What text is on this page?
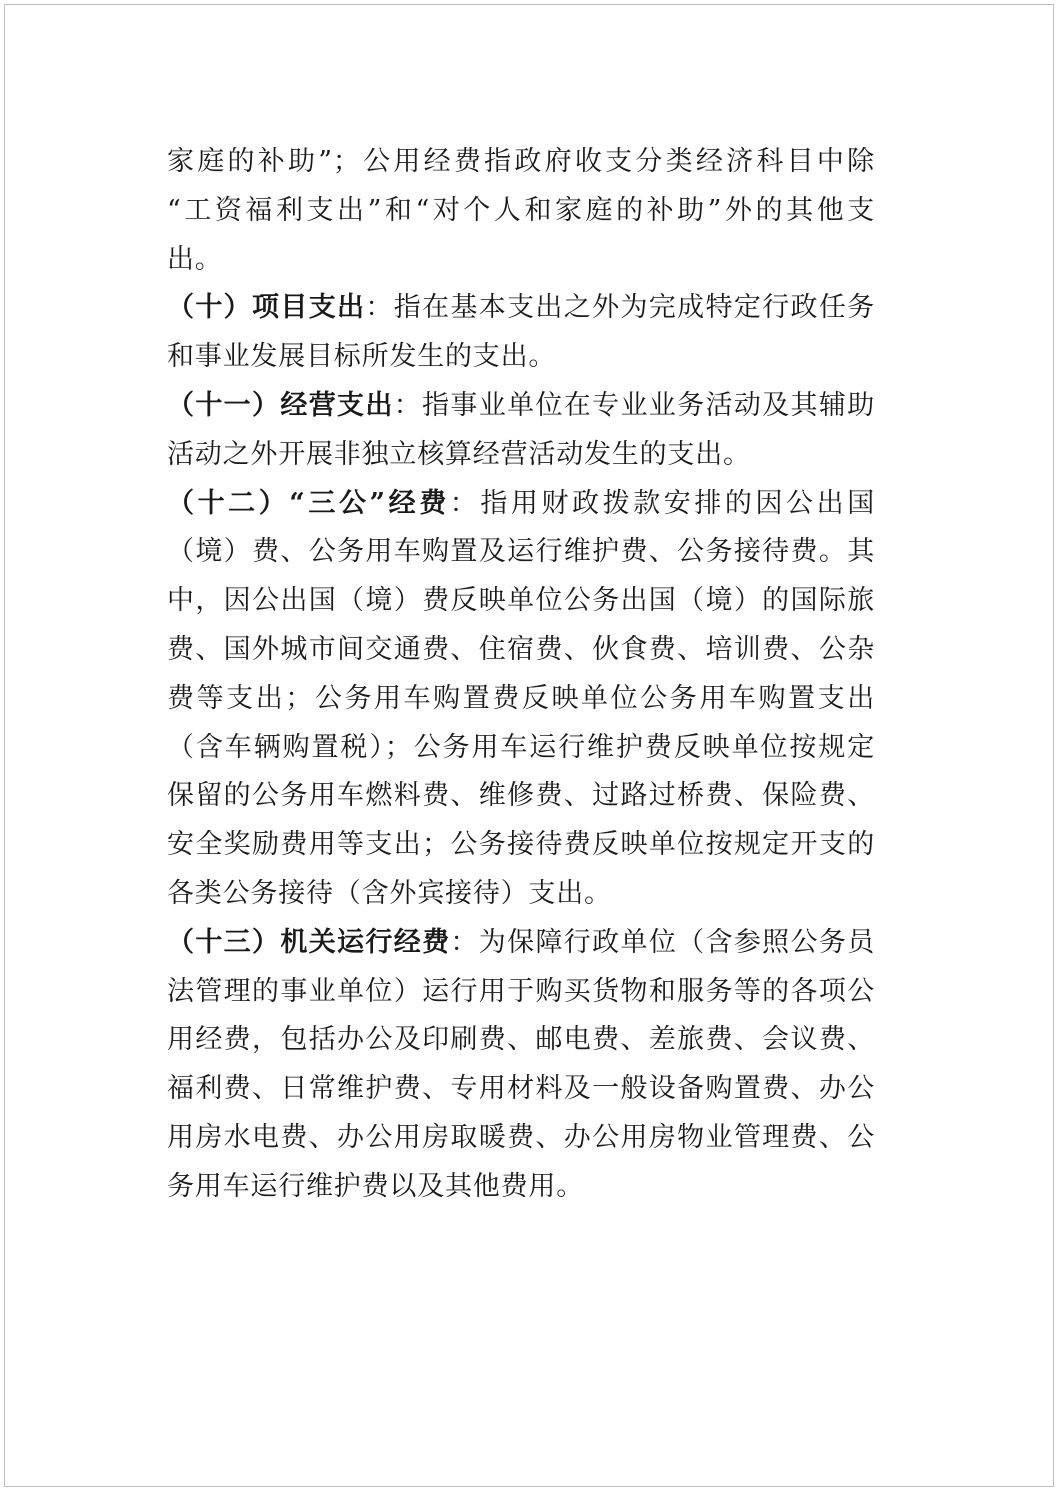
家庭的补助”；公用经费指政府收支分类经济科目中除

“工资福利支出”和“对个人和家庭的补助”外的其他支

出。

（十）项目支出：指在基本支出之外为完成特定行政任务

和事业发展目标所发生的支出。

（十一）经营支出：指事业单位在专业业务活动及其辅助

活动之外开展非独立核算经营活动发生的支出。

（十二）“三公”经费：指用财政拨款安排的因公出国

（境）费、公务用车购置及运行维护费、公务接待费。其

中，因公出国（境）费反映单位公务出国（境）的国际旅

费、国外城市间交通费、住宿费、伙食费、培训费、公杂

费等支出；公务用车购置费反映单位公务用车购置支出

（含车辆购置税）；公务用车运行维护费反映单位按规定

保留的公务用车燃料费、维修费、过路过桥费、保险费、

安全奖励费用等支出；公务接待费反映单位按规定开支的

各类公务接待（含外宾接待）支出。

（十三）机关运行经费：为保障行政单位（含参照公务员

法管理的事业单位）运行用于购买货物和服务等的各项公

用经费，包括办公及印刷费、邮电费、差旅费、会议费、

福利费、日常维护费、专用材料及一般设备购置费、办公

用房水电费、办公用房取暖费、办公用房物业管理费、公

务用车运行维护费以及其他费用。
